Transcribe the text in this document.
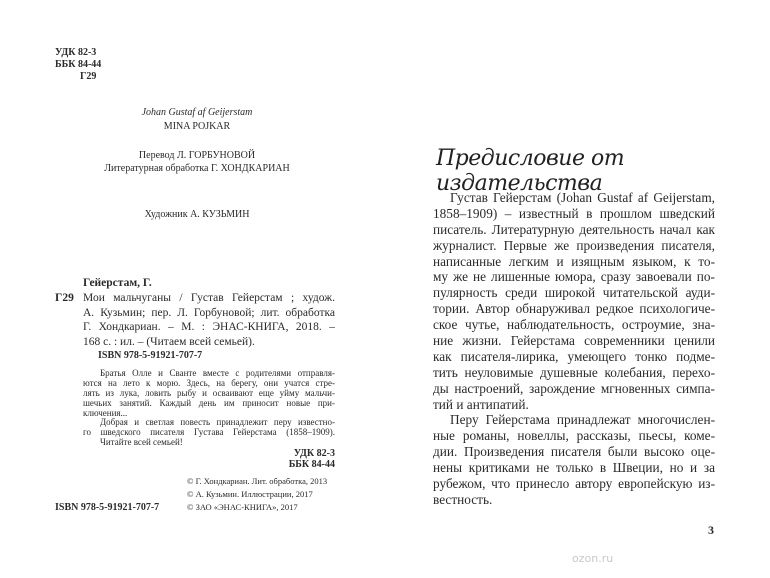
УДК 82-3
ББК 84-44
Г29
Johan Gustaf af Geijerstam
MINA POJKAR
Перевод Л. ГОРБУНОВОЙ
Литературная обработка Г. ХОНДКАРИАН
Художник А. КУЗЬМИН
Гейерстам, Г.
Г29 Мои мальчуганы / Густав Гейерстам ; худож.
А. Кузьмин; пер. Л. Горбуновой; лит. обработка
Г. Хондкариан. – М. : ЭНАС-КНИГА, 2018. –
168 с. : ил. – (Читаем всей семьей).
ISBN 978-5-91921-707-7
Братья Олле и Сванте вместе с родителями отправля-
ются на лето к морю. Здесь, на берегу, они учатся стре-
лять из лука, ловить рыбу и осваивают еще уйму мальчи-
шечьих занятий. Каждый день им приносит новые при-
ключения...
Добрая и светлая повесть принадлежит перу известно-
го шведского писателя Густава Гейерстама (1858–1909).
Читайте всей семьей!
УДК 82-3
ББК 84-44
© Г. Хондкариан. Лит. обработка, 2013
© А. Кузьмин. Иллюстрации, 2017
© ЗАО «ЭНАС-КНИГА», 2017
ISBN 978-5-91921-707-7
Предисловие от издательства
Густав Гейерстам (Johan Gustaf af Geijerstam,
1858–1909) – известный в прошлом шведский
писатель. Литературную деятельность начал как
журналист. Первые же произведения писателя,
написанные легким и изящным языком, к то-
му же не лишенные юмора, сразу завоевали по-
пулярность среди широкой читательской ауди-
тории. Автор обнаруживал редкое психологиче-
ское чутье, наблюдательность, остроумие, зна-
ние жизни. Гейерстама современники ценили
как писателя-лирика, умеющего тонко подме-
тить неуловимые душевные колебания, перехо-
ды настроений, зарождение мгновенных симпа-
тий и антипатий.
Перу Гейерстама принадлежат многочислен-
ные романы, новеллы, рассказы, пьесы, коме-
дии. Произведения писателя были высоко оце-
нены критиками не только в Швеции, но и за
рубежом, что принесло автору европейскую из-
вестность.
3
ozon.ru
